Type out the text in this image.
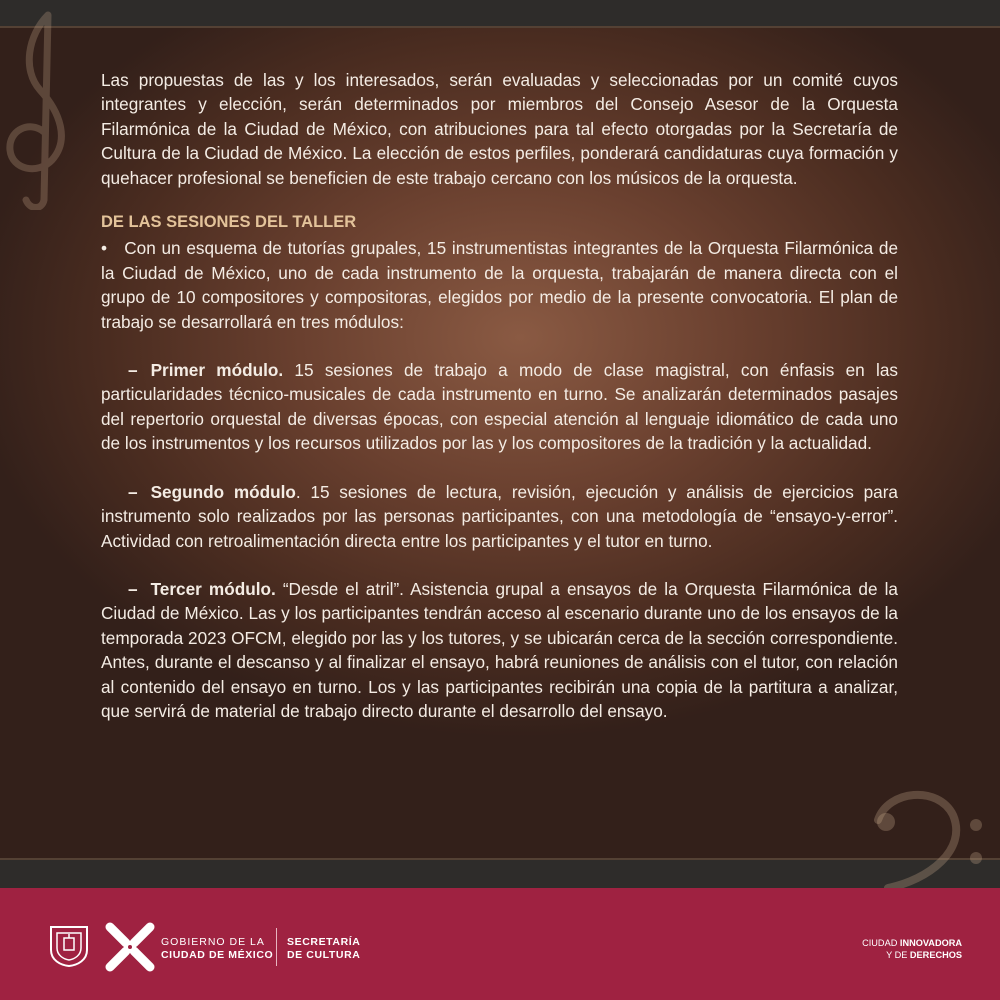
Las propuestas de las y los interesados, serán evaluadas y seleccionadas por un comité cuyos integrantes y elección, serán determinados por miembros del Consejo Asesor de la Orquesta Filarmónica de la Ciudad de México, con atribuciones para tal efecto otorgadas por la Secretaría de Cultura de la Ciudad de México. La elección de estos perfiles, ponderará candidaturas cuya formación y quehacer profesional se beneficien de este trabajo cercano con los músicos de la orquesta.

DE LAS SESIONES DEL TALLER

• Con un esquema de tutorías grupales, 15 instrumentistas integrantes de la Orquesta Filarmónica de la Ciudad de México, uno de cada instrumento de la orquesta, trabajarán de manera directa con el grupo de 10 compositores y compositoras, elegidos por medio de la presente convocatoria. El plan de trabajo se desarrollará en tres módulos:

– Primer módulo. 15 sesiones de trabajo a modo de clase magistral, con énfasis en las particularidades técnico-musicales de cada instrumento en turno. Se analizarán determinados pasajes del repertorio orquestal de diversas épocas, con especial atención al lenguaje idiomático de cada uno de los instrumentos y los recursos utilizados por las y los compositores de la tradición y la actualidad.

– Segundo módulo. 15 sesiones de lectura, revisión, ejecución y análisis de ejercicios para instrumento solo realizados por las personas participantes, con una metodología de “ensayo-y-error”. Actividad con retroalimentación directa entre los participantes y el tutor en turno.

– Tercer módulo. “Desde el atril”. Asistencia grupal a ensayos de la Orquesta Filarmónica de la Ciudad de México. Las y los participantes tendrán acceso al escenario durante uno de los ensayos de la temporada 2023 OFCM, elegido por las y los tutores, y se ubicarán cerca de la sección correspondiente. Antes, durante el descanso y al finalizar el ensayo, habrá reuniones de análisis con el tutor, con relación al contenido del ensayo en turno. Los y las participantes recibirán una copia de la partitura a analizar, que servirá de material de trabajo directo durante el desarrollo del ensayo.

GOBIERNO DE LA
CIUDAD DE MÉXICO
SECRETARÍA
DE CULTURA
CIUDAD INNOVADORA
Y DE DERECHOS
